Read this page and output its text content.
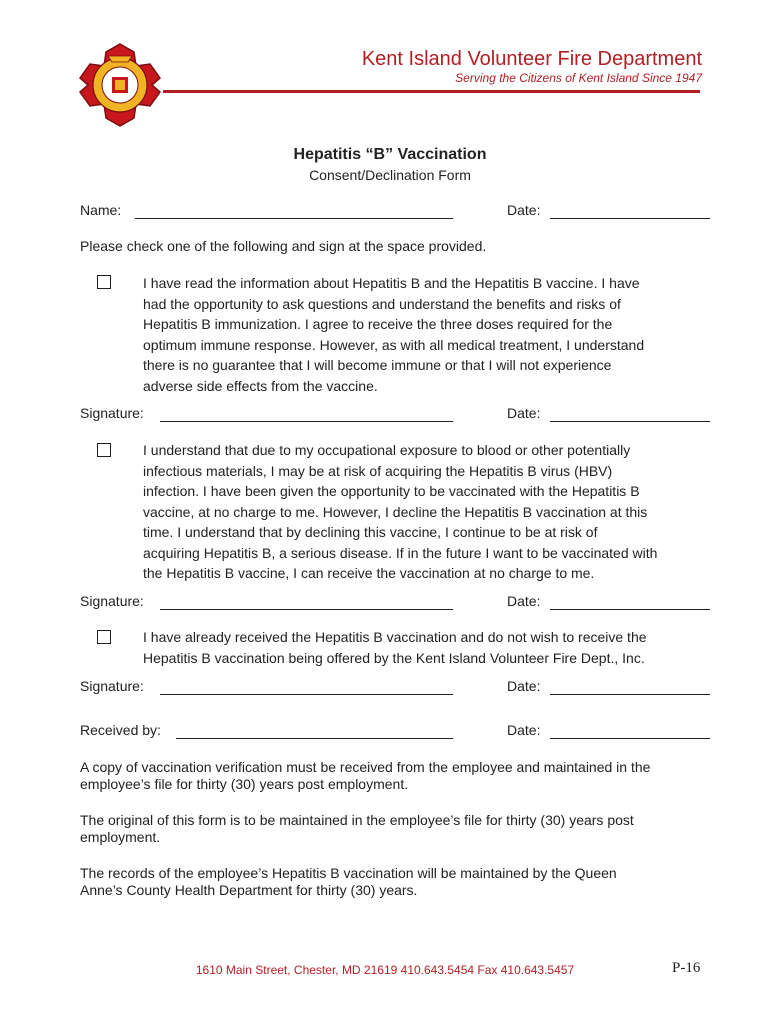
Kent Island Volunteer Fire Department
Serving the Citizens of Kent Island Since 1947
Hepatitis “B” Vaccination
Consent/Declination Form
Name:	Date:
Please check one of the following and sign at the space provided.
I have read the information about Hepatitis B and the Hepatitis B vaccine. I have
had the opportunity to ask questions and understand the benefits and risks of
Hepatitis B immunization. I agree to receive the three doses required for the
optimum immune response. However, as with all medical treatment, I understand
there is no guarantee that I will become immune or that I will not experience
adverse side effects from the vaccine.
Signature:	Date:
I understand that due to my occupational exposure to blood or other potentially
infectious materials, I may be at risk of acquiring the Hepatitis B virus (HBV)
infection. I have been given the opportunity to be vaccinated with the Hepatitis B
vaccine, at no charge to me. However, I decline the Hepatitis B vaccination at this
time. I understand that by declining this vaccine, I continue to be at risk of
acquiring Hepatitis B, a serious disease. If in the future I want to be vaccinated with
the Hepatitis B vaccine, I can receive the vaccination at no charge to me.
Signature:	Date:
I have already received the Hepatitis B vaccination and do not wish to receive the
Hepatitis B vaccination being offered by the Kent Island Volunteer Fire Dept., Inc.
Signature:	Date:
Received by:	Date:
A copy of vaccination verification must be received from the employee and maintained in the
employee’s file for thirty (30) years post employment.
The original of this form is to be maintained in the employee’s file for thirty (30) years post
employment.
The records of the employee’s Hepatitis B vaccination will be maintained by the Queen
Anne’s County Health Department for thirty (30) years.
1610 Main Street, Chester, MD 21619 410.643.5454 Fax 410.643.5457	P-16
